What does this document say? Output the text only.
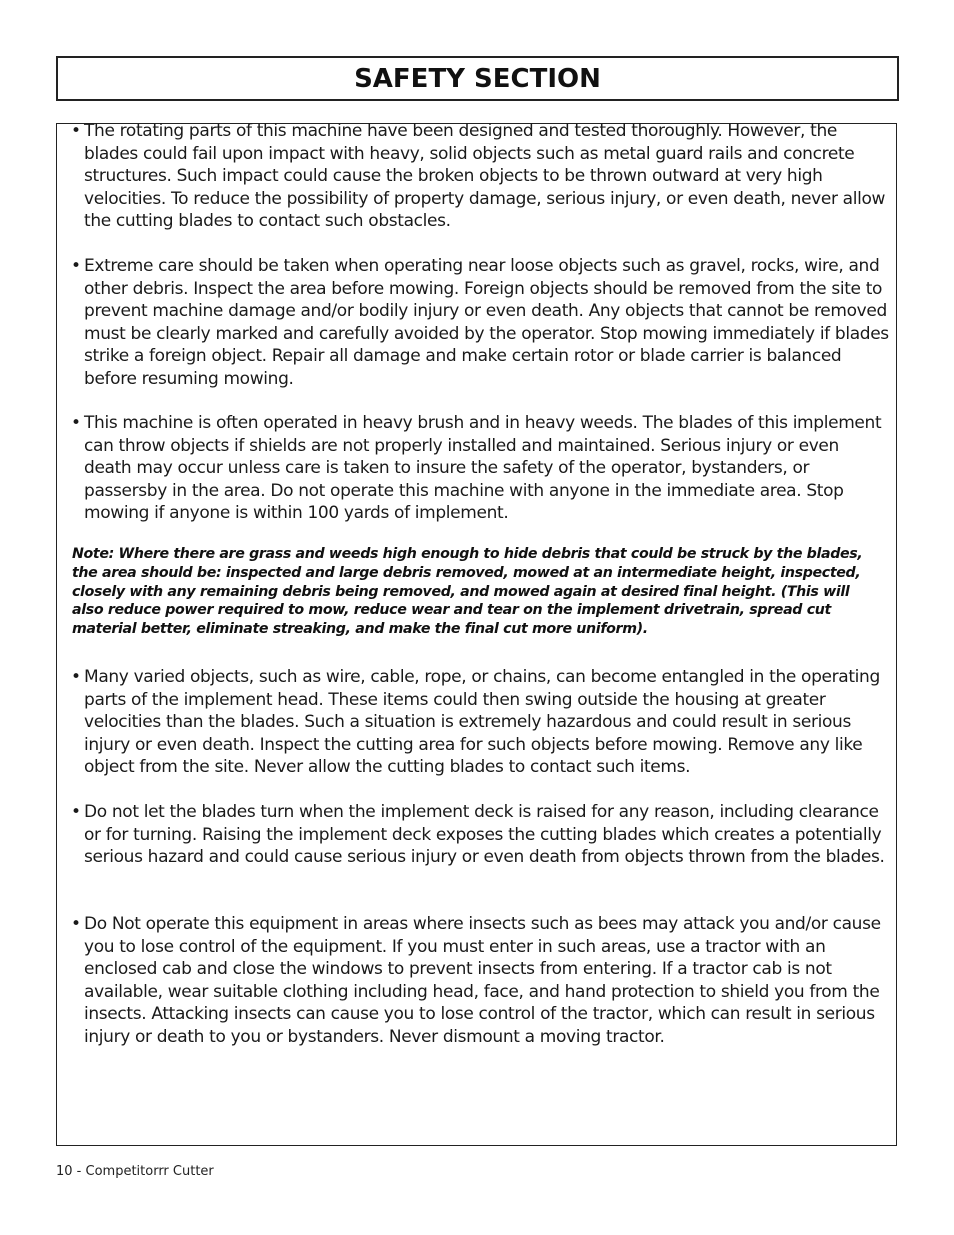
SAFETY SECTION
• The rotating parts of this machine have been designed and tested thoroughly. However, the blades could fail upon impact with heavy, solid objects such as metal guard rails and concrete structures. Such impact could cause the broken objects to be thrown outward at very high velocities. To reduce the possibility of property damage, serious injury, or even death, never allow the cutting blades to contact such obstacles.
• Extreme care should be taken when operating near loose objects such as gravel, rocks, wire, and other debris. Inspect the area before mowing. Foreign objects should be removed from the site to prevent machine damage and/or bodily injury or even death. Any objects that cannot be removed must be clearly marked and carefully avoided by the operator. Stop mowing immediately if blades strike a foreign object. Repair all damage and make certain rotor or blade carrier is balanced before resuming mowing.
• This machine is often operated in heavy brush and in heavy weeds. The blades of this implement can throw objects if shields are not properly installed and maintained. Serious injury or even death may occur unless care is taken to insure the safety of the operator, bystanders, or passersby in the area. Do not operate this machine with anyone in the immediate area. Stop mowing if anyone is within 100 yards of implement.
Note: Where there are grass and weeds high enough to hide debris that could be struck by the blades, the area should be: inspected and large debris removed, mowed at an intermediate height, inspected, closely with any remaining debris being removed, and mowed again at desired final height. (This will also reduce power required to mow, reduce wear and tear on the implement drivetrain, spread cut material better, eliminate streaking, and make the final cut more uniform).
• Many varied objects, such as wire, cable, rope, or chains, can become entangled in the operating parts of the implement head. These items could then swing outside the housing at greater velocities than the blades. Such a situation is extremely hazardous and could result in serious injury or even death. Inspect the cutting area for such objects before mowing. Remove any like object from the site. Never allow the cutting blades to contact such items.
• Do not let the blades turn when the implement deck is raised for any reason, including clearance or for turning. Raising the implement deck exposes the cutting blades which creates a potentially serious hazard and could cause serious injury or even death from objects thrown from the blades.
• Do Not operate this equipment in areas where insects such as bees may attack you and/or cause you to lose control of the equipment. If you must enter in such areas, use a tractor with an enclosed cab and close the windows to prevent insects from entering. If a tractor cab is not available, wear suitable clothing including head, face, and hand protection to shield you from the insects. Attacking insects can cause you to lose control of the tractor, which can result in serious injury or death to you or bystanders. Never dismount a moving tractor.
10 - Competitorrr Cutter
